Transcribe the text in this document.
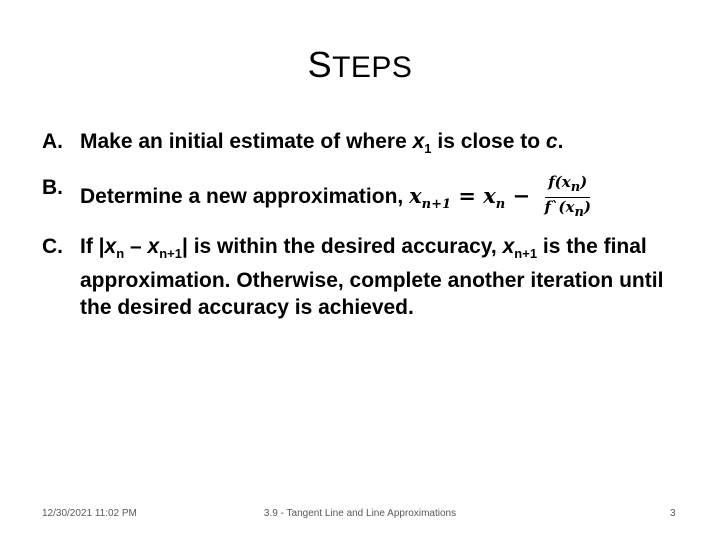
STEPS
A. Make an initial estimate of where $x_1$ is close to c.
B. Determine a new approximation, $x_{n+1} = x_n - \frac{f(x_n)}{f`(x_n)}$
C. If $|x_n - x_{n+1}|$ is within the desired accuracy, $x_{n+1}$ is the final approximation. Otherwise, complete another iteration until the desired accuracy is achieved.
12/30/2021 11:02 PM	3.9 - Tangent Line and Line Approximations	3
